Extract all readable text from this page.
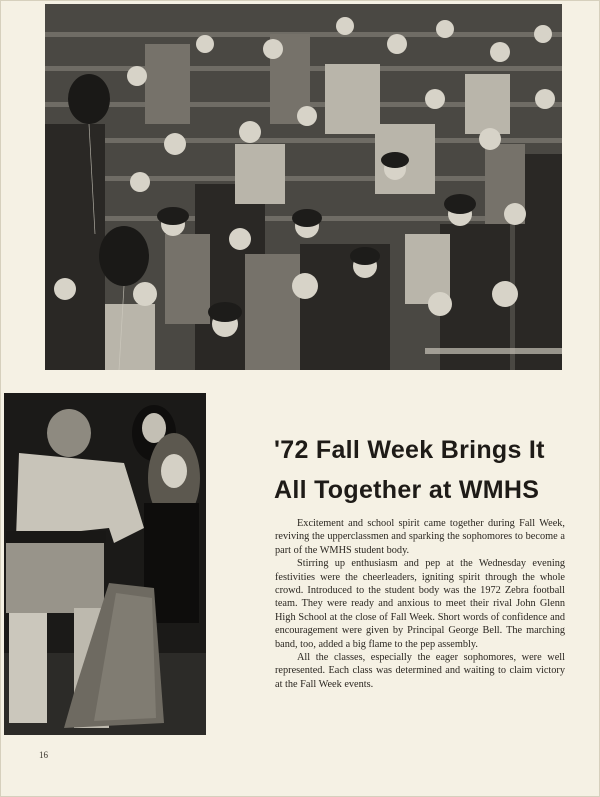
'72 Fall Week Brings It
All Together at WMHS

Excitement and school spirit came together during Fall Week, reviving the upperclassmen and sparking the sophomores to become a part of the WMHS student body.

Stirring up enthusiasm and pep at the Wednesday evening festivities were the cheerleaders, igniting spirit through the whole crowd. Introduced to the student body was the 1972 Zebra football team. They were ready and anxious to meet their rival John Glenn High School at the close of Fall Week. Short words of confidence and encouragement were given by Principal George Bell. The marching band, too, added a big flame to the pep assembly.

All the classes, especially the eager sophomores, were well represented. Each class was determined and waiting to claim victory at the Fall Week events.

16
